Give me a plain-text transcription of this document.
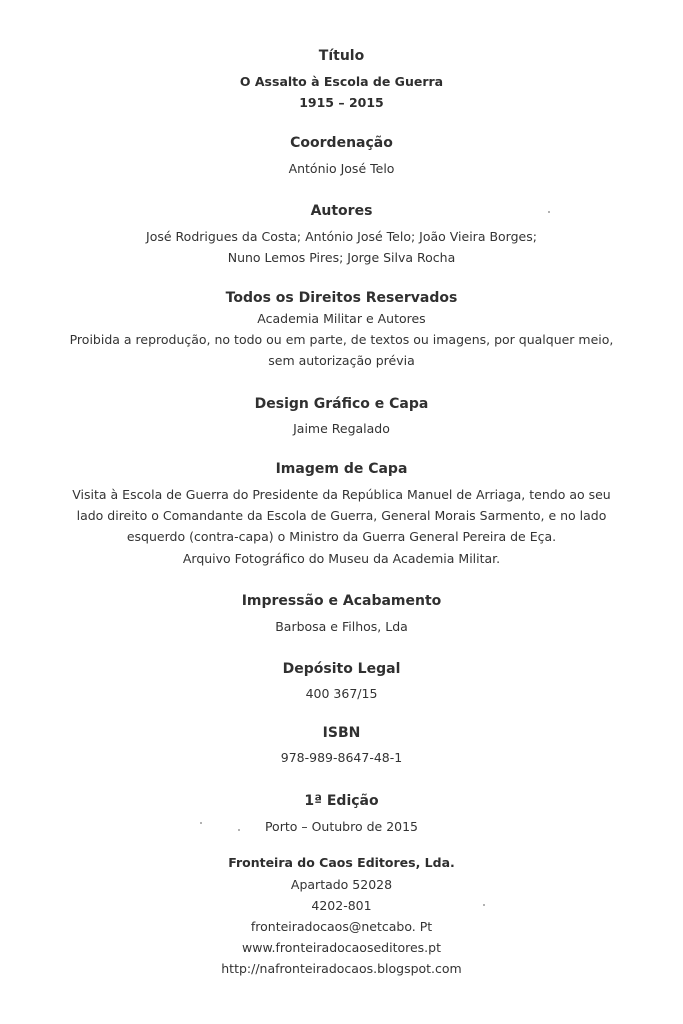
Título
O Assalto à Escola de Guerra
1915 – 2015
Coordenação
António José Telo
Autores
José Rodrigues da Costa; António José Telo; João Vieira Borges;
Nuno Lemos Pires; Jorge Silva Rocha
Todos os Direitos Reservados
Academia Militar e Autores
Proibida a reprodução, no todo ou em parte, de textos ou imagens, por qualquer meio,
sem autorização prévia
Design Gráfico e Capa
Jaime Regalado
Imagem de Capa
Visita à Escola de Guerra do Presidente da República Manuel de Arriaga, tendo ao seu
lado direito o Comandante da Escola de Guerra, General Morais Sarmento, e no lado
esquerdo (contra-capa) o Ministro da Guerra General Pereira de Eça.
Arquivo Fotográfico do Museu da Academia Militar.
Impressão e Acabamento
Barbosa e Filhos, Lda
Depósito Legal
400 367/15
ISBN
978-989-8647-48-1
1ª Edição
Porto – Outubro de 2015
Fronteira do Caos Editores, Lda.
Apartado 52028
4202-801
fronteiradocaos@netcabo. Pt
www.fronteiradocaoseditores.pt
http://nafronteiradocaos.blogspot.com
